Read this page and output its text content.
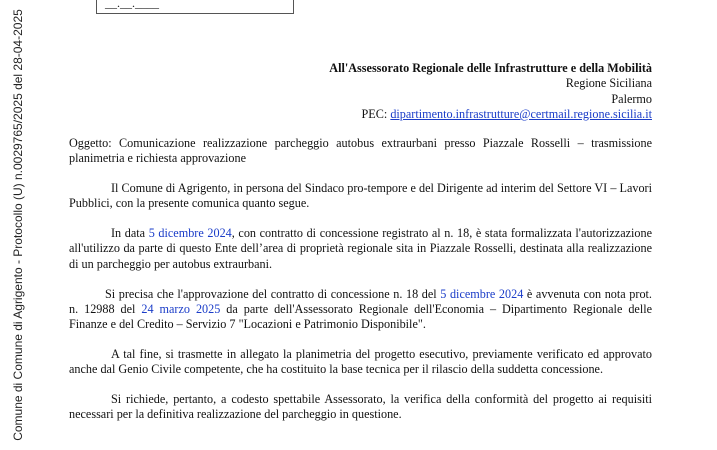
Comune di Comune di Agrigento - Protocollo (U) n.0029765/2025 del 28-04-2025
__.__.____
All'Assessorato Regionale delle Infrastrutture e della Mobilità
Regione Siciliana
Palermo
PEC: dipartimento.infrastrutture@certmail.regione.sicilia.it

Oggetto: Comunicazione realizzazione parcheggio autobus extraurbani presso Piazzale Rosselli – trasmissione planimetria e richiesta approvazione

Il Comune di Agrigento, in persona del Sindaco pro-tempore e del Dirigente ad interim del Settore VI – Lavori Pubblici, con la presente comunica quanto segue.

In data 5 dicembre 2024, con contratto di concessione registrato al n. 18, è stata formalizzata l'autorizzazione all'utilizzo da parte di questo Ente dell’area di proprietà regionale sita in Piazzale Rosselli, destinata alla realizzazione di un parcheggio per autobus extraurbani.

Si precisa che l'approvazione del contratto di concessione n. 18 del 5 dicembre 2024 è avvenuta con nota prot. n. 12988 del 24 marzo 2025 da parte dell'Assessorato Regionale dell'Economia – Dipartimento Regionale delle Finanze e del Credito – Servizio 7 "Locazioni e Patrimonio Disponibile".

A tal fine, si trasmette in allegato la planimetria del progetto esecutivo, previamente verificato ed approvato anche dal Genio Civile competente, che ha costituito la base tecnica per il rilascio della suddetta concessione.

Si richiede, pertanto, a codesto spettabile Assessorato, la verifica della conformità del progetto ai requisiti necessari per la definitiva realizzazione del parcheggio in questione.
